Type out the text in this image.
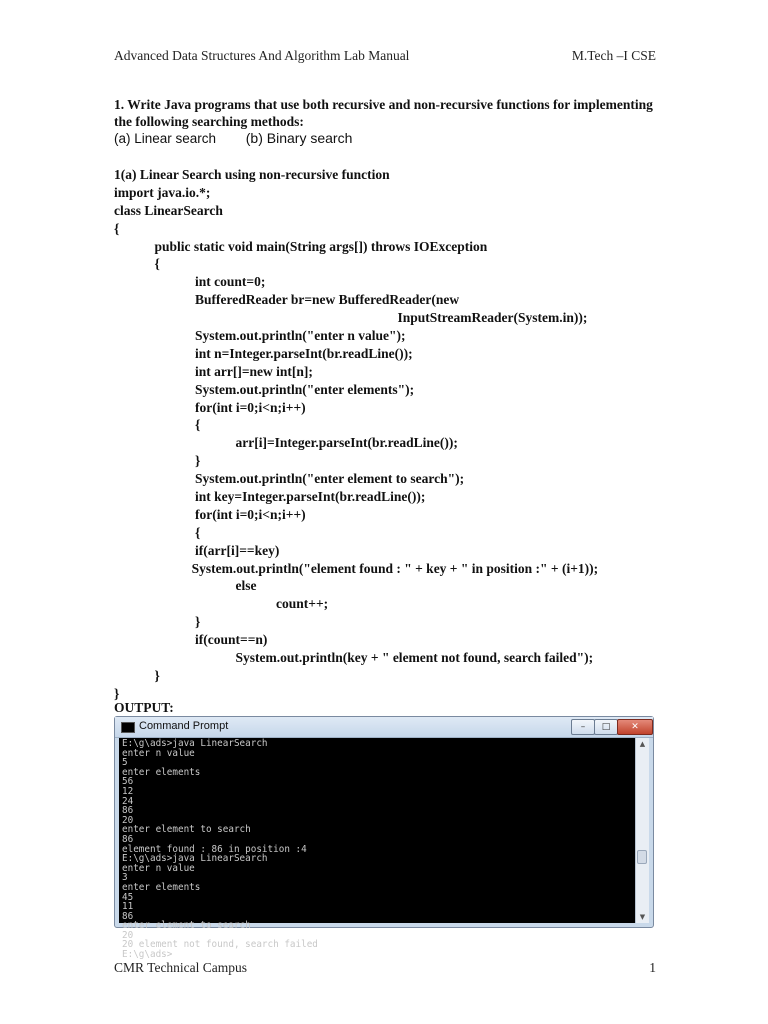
Advanced Data Structures And Algorithm Lab Manual	M.Tech –I CSE
1. Write Java programs that use both recursive and non-recursive functions for implementing the following searching methods:
(a) Linear search (b) Binary search
1(a) Linear Search using non-recursive function
import java.io.*;
class LinearSearch
{
public static void main(String args[]) throws IOException
{
int count=0;
BufferedReader br=new BufferedReader(new
InputStreamReader(System.in));
System.out.println("enter n value");
int n=Integer.parseInt(br.readLine());
int arr[]=new int[n];
System.out.println("enter elements");
for(int i=0;i<n;i++)
{
arr[i]=Integer.parseInt(br.readLine());
}
System.out.println("enter element to search");
int key=Integer.parseInt(br.readLine());
for(int i=0;i<n;i++)
{
if(arr[i]==key)
System.out.println("element found : " + key + " in position :" + (i+1));
else
count++;
}
if(count==n)
System.out.println(key + " element not found, search failed");
}
}
OUTPUT:
Command Prompt	–	□	✕
E:\g\ads>java LinearSearch
enter n value
5
enter elements
56
12
24
86
20
enter element to search
86
element found : 86 in position :4
E:\g\ads>java LinearSearch
enter n value
3
enter elements
45
11
86
enter element to search
20
20 element not found, search failed
E:\g\ads>
▲
▼
CMR Technical Campus	1
